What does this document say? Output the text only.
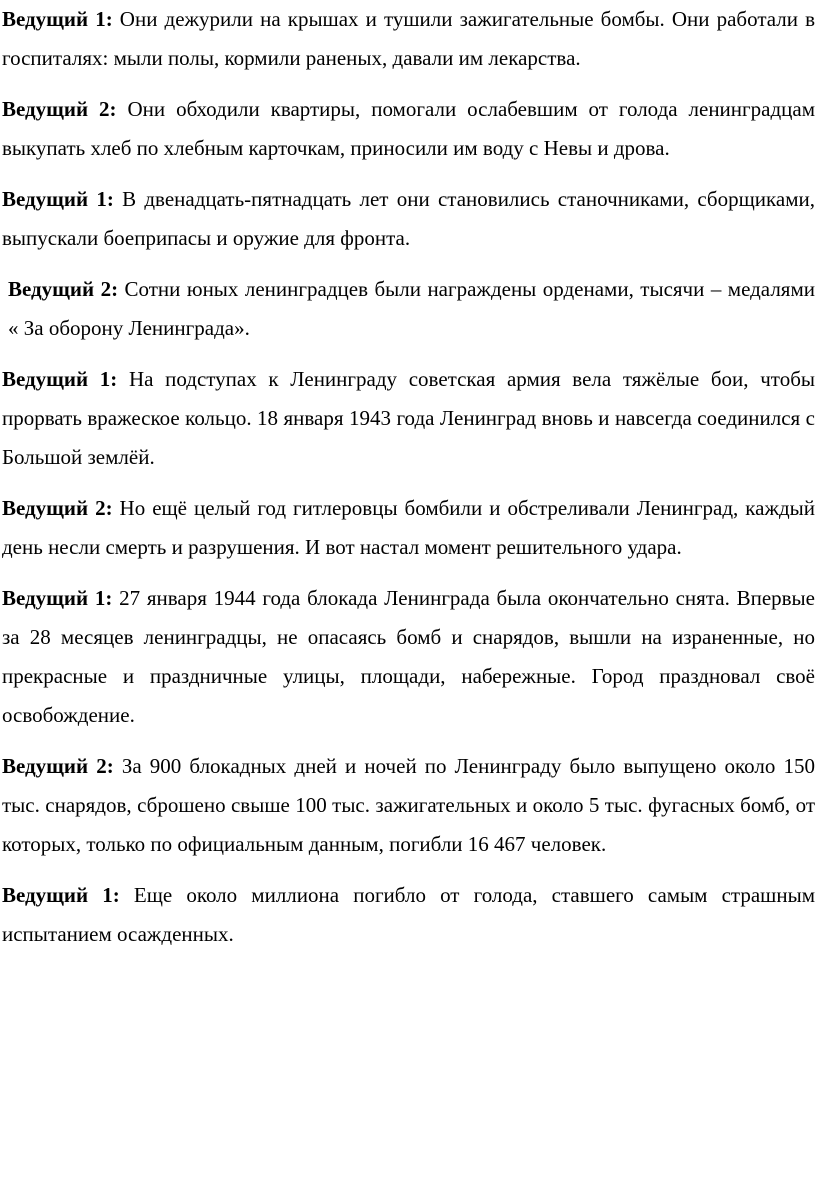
Ведущий 1: Они дежурили на крышах и тушили зажигательные бомбы. Они работали в госпиталях: мыли полы, кормили раненых, давали им лекарства.

Ведущий 2: Они обходили квартиры, помогали ослабевшим от голода ленинградцам выкупать хлеб по хлебным карточкам, приносили им воду с Невы и дрова.

Ведущий 1: В двенадцать-пятнадцать лет они становились станочниками, сборщиками, выпускали боеприпасы и оружие для фронта.

Ведущий 2: Сотни юных ленинградцев были награждены орденами, тысячи – медалями « За оборону Ленинграда».

Ведущий 1: На подступах к Ленинграду советская армия вела тяжёлые бои, чтобы прорвать вражеское кольцо. 18 января 1943 года Ленинград вновь и навсегда соединился с Большой землёй.

Ведущий 2: Но ещё целый год гитлеровцы бомбили и обстреливали Ленинград, каждый день несли смерть и разрушения. И вот настал момент решительного удара.

Ведущий 1: 27 января 1944 года блокада Ленинграда была окончательно снята. Впервые за 28 месяцев ленинградцы, не опасаясь бомб и снарядов, вышли на израненные, но прекрасные и праздничные улицы, площади, набережные. Город праздновал своё освобождение.

Ведущий 2: За 900 блокадных дней и ночей по Ленинграду было выпущено около 150 тыс. снарядов, сброшено свыше 100 тыс. зажигательных и около 5 тыс. фугасных бомб, от которых, только по официальным данным, погибли 16 467 человек.

Ведущий 1: Еще около миллиона погибло от голода, ставшего самым страшным испытанием осажденных.
